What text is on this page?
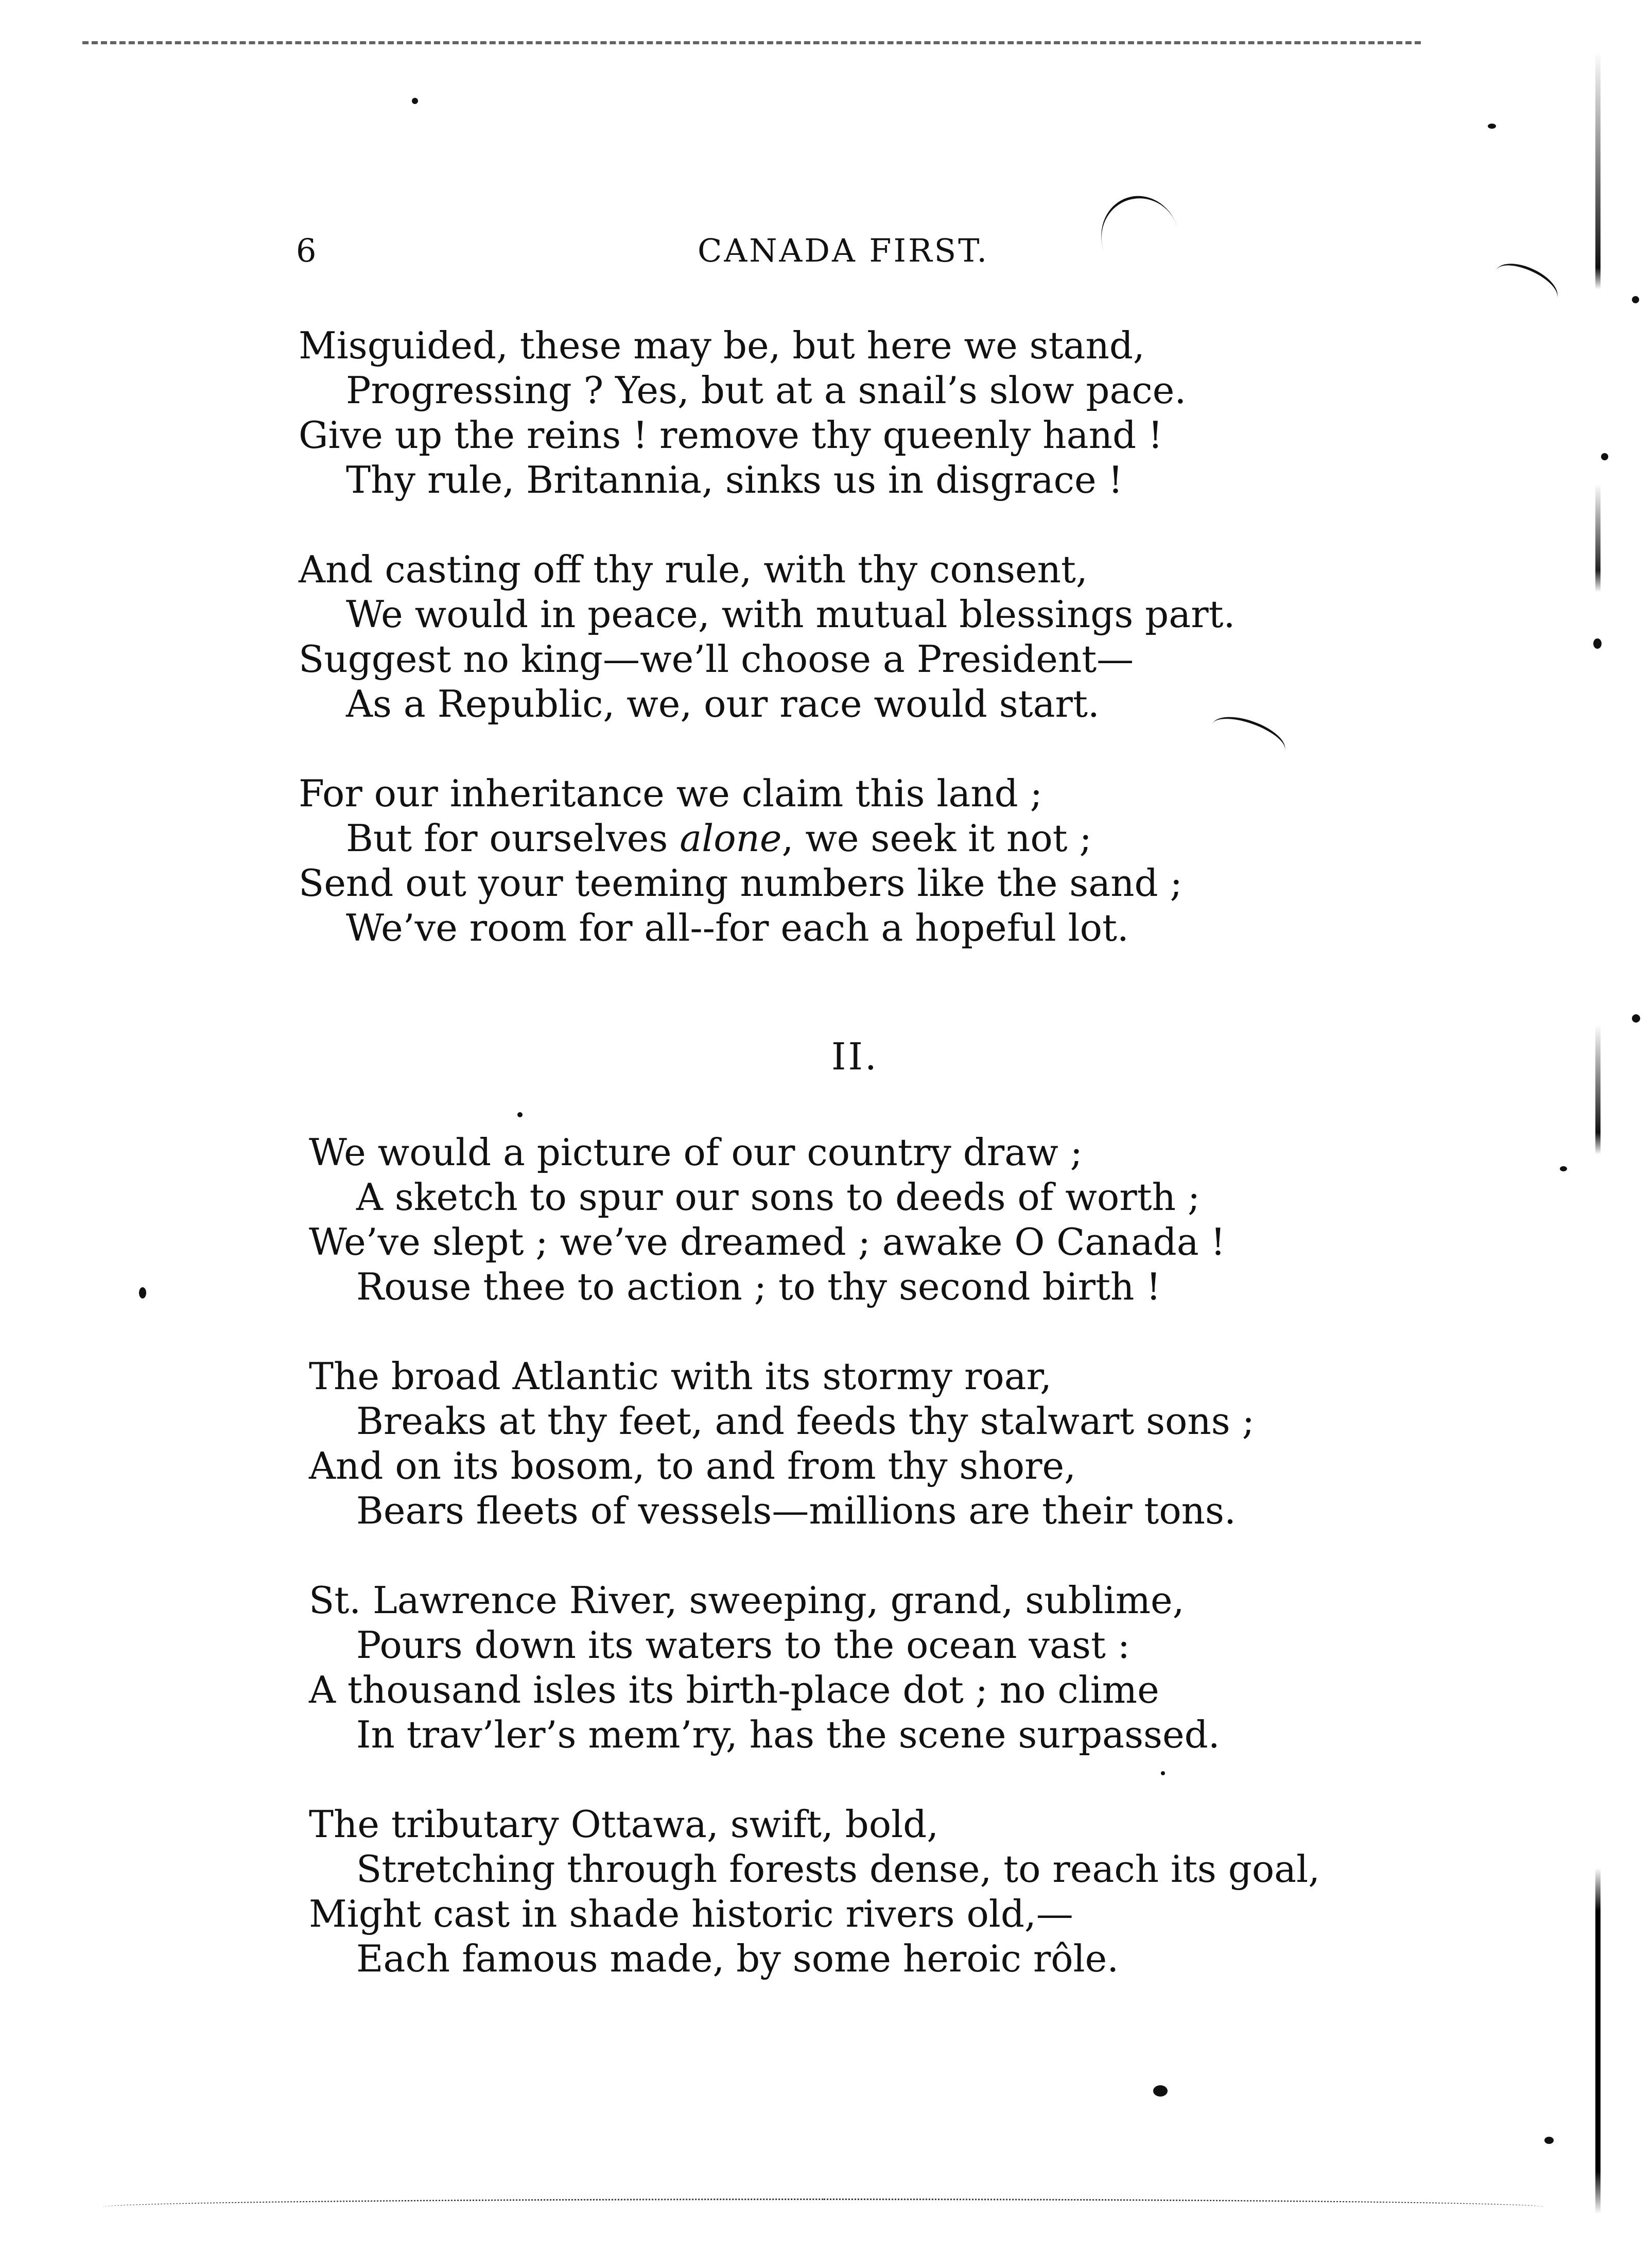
6	CANADA FIRST.
Misguided, these may be, but here we stand,
Progressing ? Yes, but at a snail’s slow pace.
Give up the reins ! remove thy queenly hand !
Thy rule, Britannia, sinks us in disgrace !
And casting off thy rule, with thy consent,
We would in peace, with mutual blessings part.
Suggest no king—we’ll choose a President—
As a Republic, we, our race would start.
For our inheritance we claim this land ;
But for ourselves alone, we seek it not ;
Send out your teeming numbers like the sand ;
We’ve room for all--for each a hopeful lot.
II.
We would a picture of our country draw ;
A sketch to spur our sons to deeds of worth ;
We’ve slept ; we’ve dreamed ; awake O Canada !
Rouse thee to action ; to thy second birth !
The broad Atlantic with its stormy roar,
Breaks at thy feet, and feeds thy stalwart sons ;
And on its bosom, to and from thy shore,
Bears fleets of vessels—millions are their tons.
St. Lawrence River, sweeping, grand, sublime,
Pours down its waters to the ocean vast :
A thousand isles its birth-place dot ; no clime
In trav’ler’s mem’ry, has the scene surpassed.
The tributary Ottawa, swift, bold,
Stretching through forests dense, to reach its goal,
Might cast in shade historic rivers old,—
Each famous made, by some heroic rôle.
